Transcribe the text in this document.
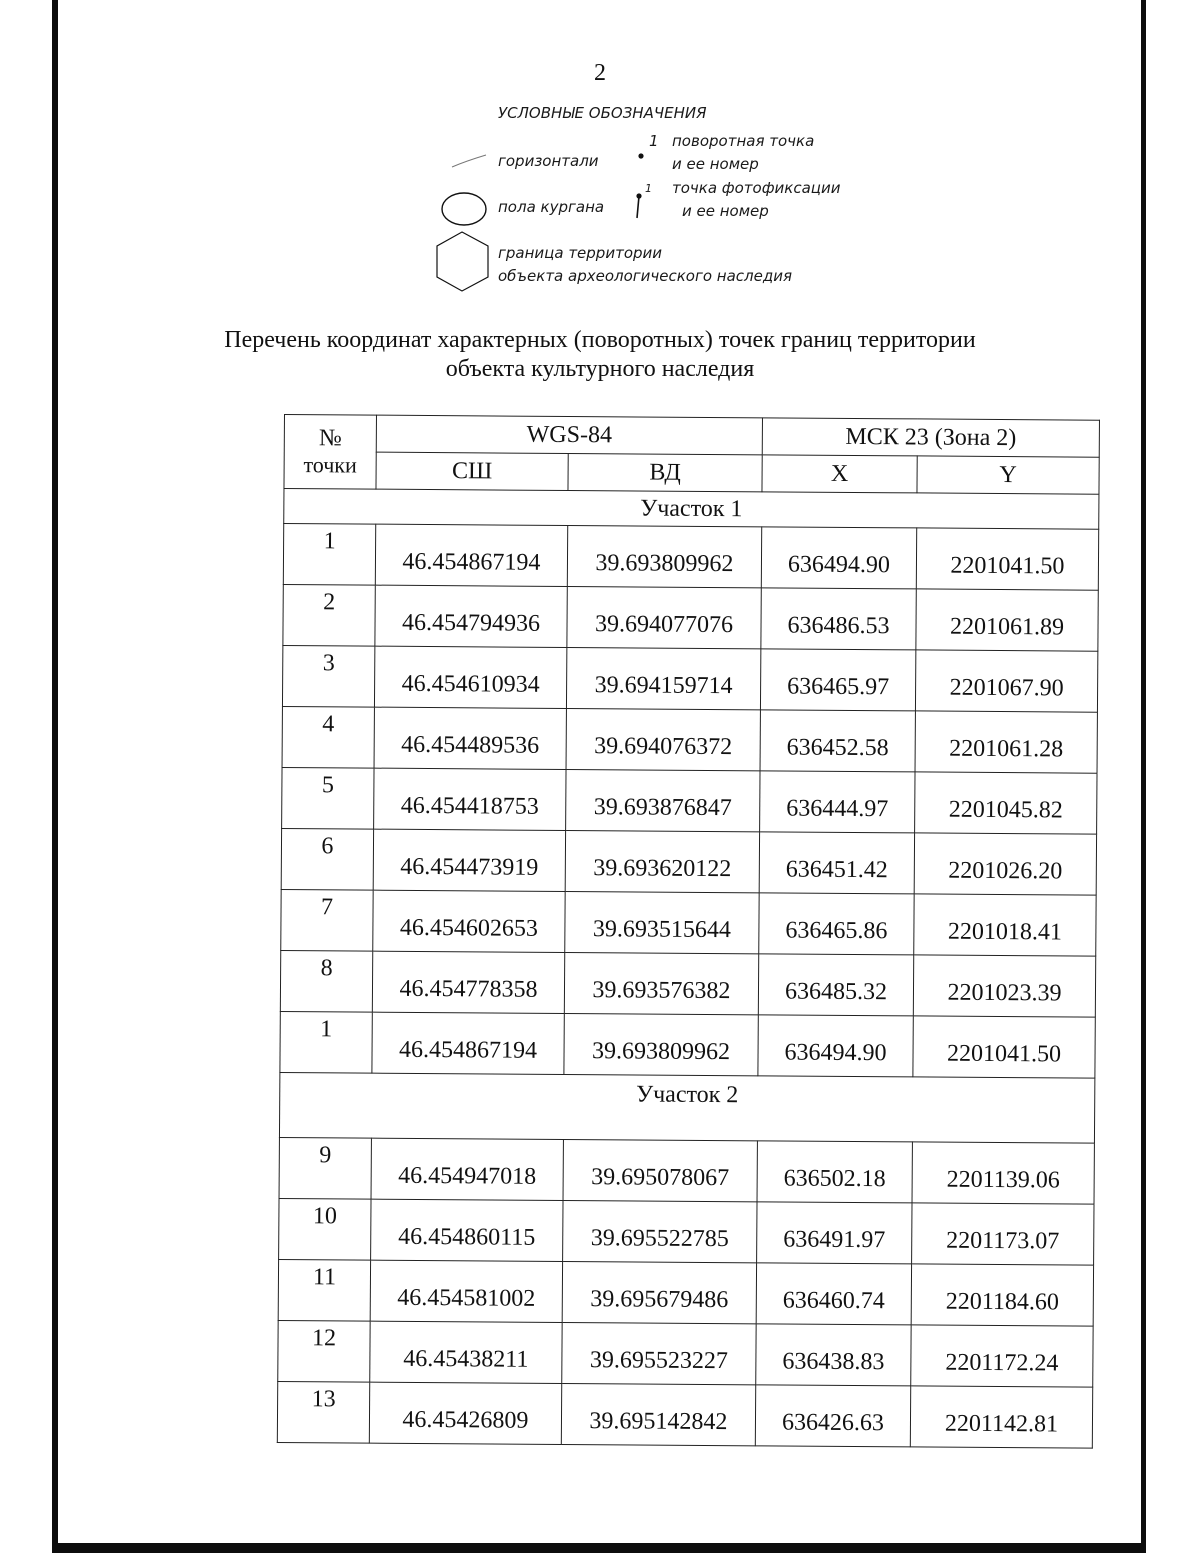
2
УСЛОВНЫЕ ОБОЗНАЧЕНИЯ
горизонтали
1 поворотная точка
и ее номер
пола кургана
1 точка фотофиксации
и ее номер
граница территории
объекта археологического наследия
Перечень координат характерных (поворотных) точек границ территории
объекта культурного наследия
№
точки	WGS-84		МСК 23 (Зона 2)	
	СШ	ВД	X	Y
Участок 1				
1	46.454867194	39.693809962	636494.90	2201041.50
2	46.454794936	39.694077076	636486.53	2201061.89
3	46.454610934	39.694159714	636465.97	2201067.90
4	46.454489536	39.694076372	636452.58	2201061.28
5	46.454418753	39.693876847	636444.97	2201045.82
6	46.454473919	39.693620122	636451.42	2201026.20
7	46.454602653	39.693515644	636465.86	2201018.41
8	46.454778358	39.693576382	636485.32	2201023.39
1	46.454867194	39.693809962	636494.90	2201041.50
Участок 2				
9	46.454947018	39.695078067	636502.18	2201139.06
10	46.454860115	39.695522785	636491.97	2201173.07
11	46.454581002	39.695679486	636460.74	2201184.60
12	46.45438211	39.695523227	636438.83	2201172.24
13	46.45426809	39.695142842	636426.63	2201142.81
